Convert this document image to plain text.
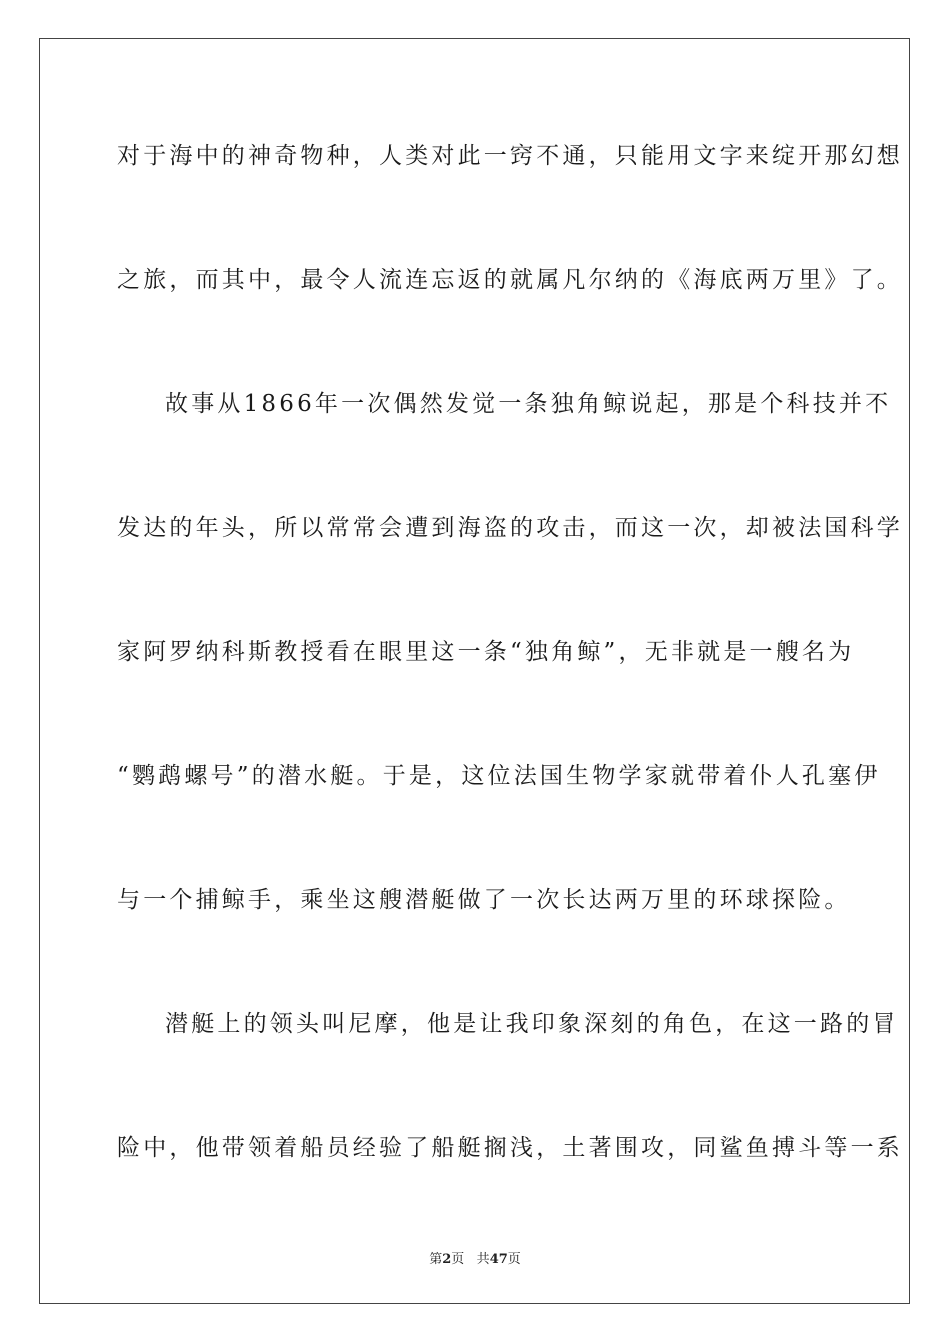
对于海中的神奇物种，人类对此一窍不通，只能用文字来绽开那幻想
之旅，而其中，最令人流连忘返的就属凡尔纳的《海底两万里》了。
故事从1866年一次偶然发觉一条独角鲸说起，那是个科技并不
发达的年头，所以常常会遭到海盗的攻击，而这一次，却被法国科学
家阿罗纳科斯教授看在眼里这一条“独角鲸”，无非就是一艘名为
“鹦鹉螺号”的潜水艇。于是，这位法国生物学家就带着仆人孔塞伊
与一个捕鲸手，乘坐这艘潜艇做了一次长达两万里的环球探险。
潜艇上的领头叫尼摩，他是让我印象深刻的角色，在这一路的冒
险中，他带领着船员经验了船艇搁浅，土著围攻，同鲨鱼搏斗等一系
第2页 共47页
